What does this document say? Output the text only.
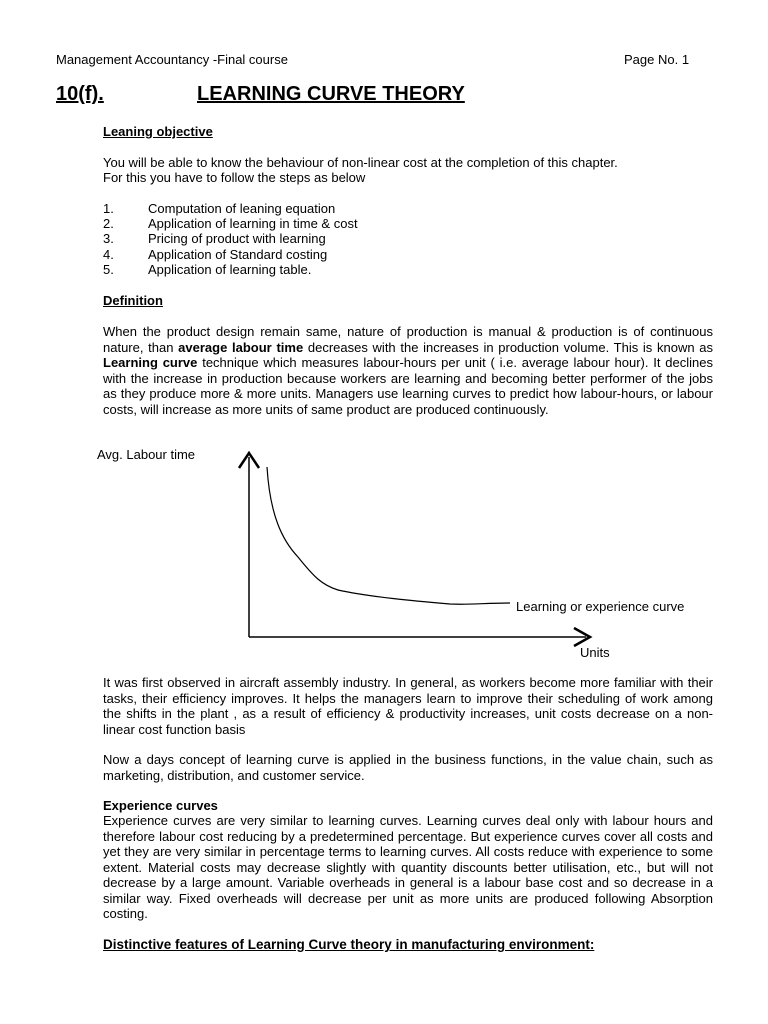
Management Accountancy -Final course	Page No. 1
10(f).	LEARNING CURVE THEORY
Leaning objective
You will be able to know the behaviour of non-linear cost at the completion of this chapter.
For this you have to follow the steps as below
1.	Computation of leaning equation
2.	Application of learning in time & cost
3.	Pricing of product with learning
4.	Application of Standard costing
5.	Application of learning table.
Definition
When the product design remain same, nature of production is manual & production is of continuous nature, than average labour time decreases with the increases in production volume. This is known as Learning curve technique which measures labour-hours per unit ( i.e. average labour hour). It declines with the increase in production because workers are learning and becoming better performer of the jobs as they produce more & more units. Managers use learning curves to predict how labour-hours, or labour costs, will increase as more units of same product are produced continuously.
Avg. Labour time
Learning or experience curve
Units
It was first observed in aircraft assembly industry. In general, as workers become more familiar with their tasks, their efficiency improves. It helps the managers learn to improve their scheduling of work among the shifts in the plant , as a result of efficiency & productivity increases, unit costs decrease on a non-linear cost function basis
Now a days concept of learning curve is applied in the business functions, in the value chain, such as marketing, distribution, and customer service.
Experience curves
Experience curves are very similar to learning curves. Learning curves deal only with labour hours and therefore labour cost reducing by a predetermined percentage. But experience curves cover all costs and yet they are very similar in percentage terms to learning curves. All costs reduce with experience to some extent. Material costs may decrease slightly with quantity discounts better utilisation, etc., but will not decrease by a large amount. Variable overheads in general is a labour base cost and so decrease in a similar way. Fixed overheads will decrease per unit as more units are produced following Absorption costing.
Distinctive features of Learning Curve theory in manufacturing environment:
